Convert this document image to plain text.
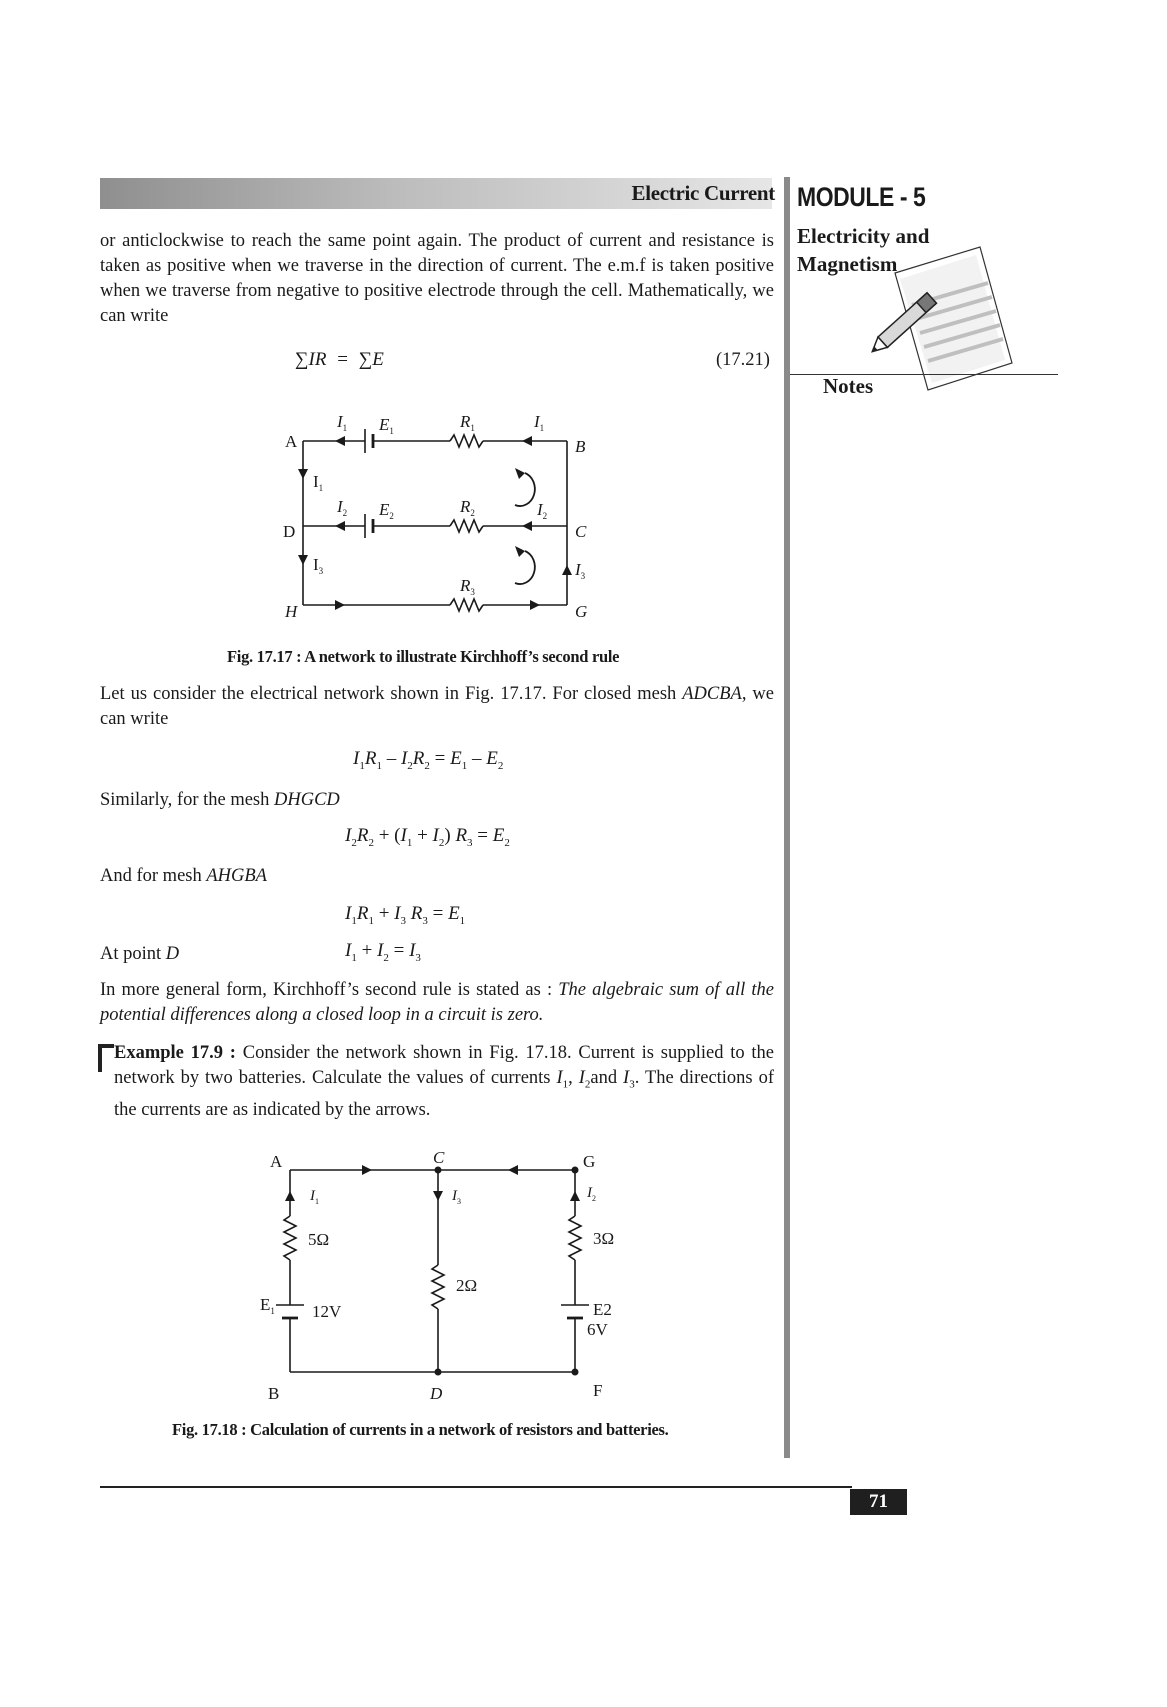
Electric Current MODULE - 5
Electricity and Magnetism
Notes

or anticlockwise to reach the same point again. The product of current and resistance is taken as positive when we traverse in the direction of current. The e.m.f is taken positive when we traverse from negative to positive electrode through the cell. Mathematically, we can write

∑IR = ∑E	(17.21)
A	B
D	C
H	G
$I_1$ $E_1$	$R_1$	$I_1$
$I_1$
$I_2$ $E_2$	$R_2$	$I_2$
$I_3$	$I_3$
$R_3$
Fig. 17.17 : A network to illustrate Kirchhoff’s second rule

Let us consider the electrical network shown in Fig. 17.17. For closed mesh ADCBA, we can write

$I_1R_1 - I_2R_2 = E_1 - E_2$

Similarly, for the mesh DHGCD

$I_2R_2 + (I_1 + I_2) R_3 = E_2$

And for mesh AHGBA

$I_1R_1 + I_3$ $R_3 = E_1$

At point D	$I_1 + I_2 = I_3$

In more general form, Kirchhoff’s second rule is stated as : The algebraic sum of all the potential differences along a closed loop in a circuit is zero.

Example 17.9 : Consider the network shown in Fig. 17.18. Current is supplied to the network by two batteries. Calculate the values of currents $I_1$, $I_2and$ $I_3$. The directions of the currents are as indicated by the arrows.

A	C	G
B	D	F
5Ω
2Ω
3Ω
12V
6V
$E_1$	E2
$I_1$	$I_3$
$I_2$
Fig. 17.18 : Calculation of currents in a network of resistors and batteries.
71
